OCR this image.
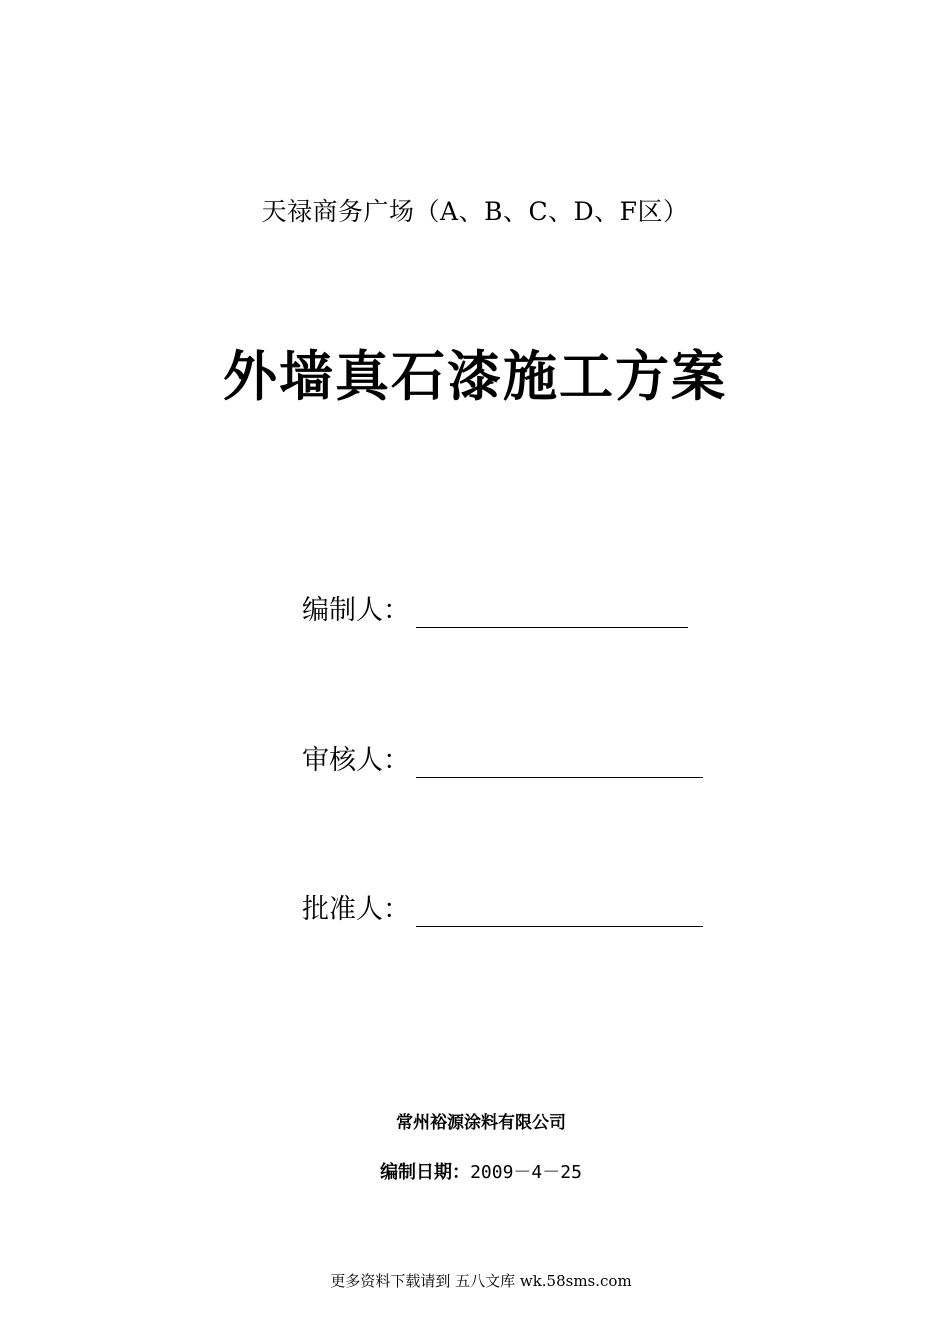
天禄商务广场（A、B、C、D、F区）
外墙真石漆施工方案
编制人：
审核人：
批准人：
常州裕源涂料有限公司
编制日期：2009－4－25
更多资料下载请到 五八文库 wk.58sms.com
